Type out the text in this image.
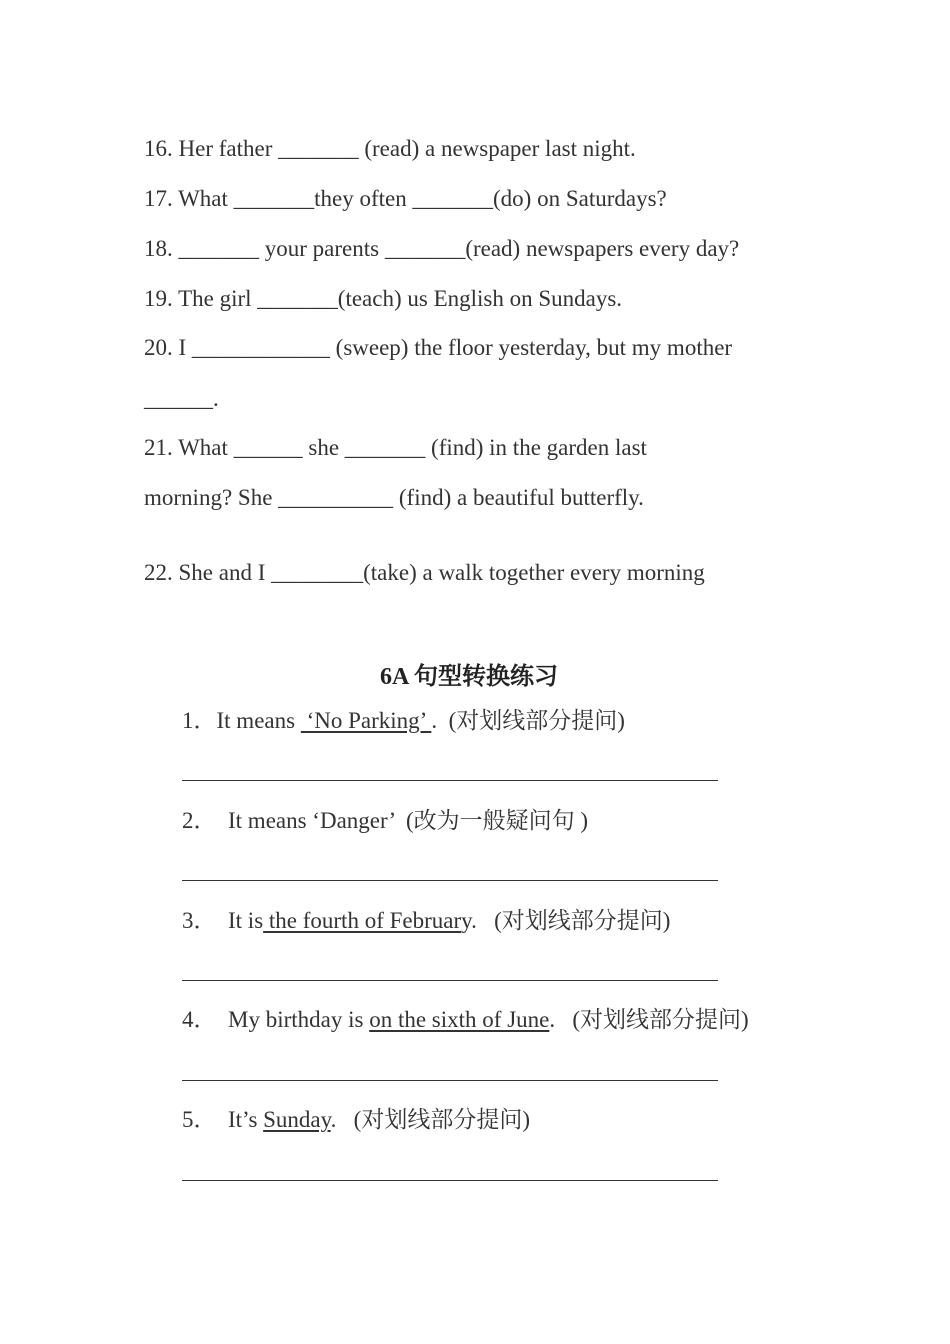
16. Her father _______ (read) a newspaper last night.
17. What _______they often _______(do) on Saturdays?
18. _______ your parents _______(read) newspapers every day?
19. The girl _______(teach) us English on Sundays.
20. I ____________ (sweep) the floor yesterday, but my mother
______.
21. What ______ she _______ (find) in the garden last
morning? She __________ (find) a beautiful butterfly.
22. She and I ________(take) a walk together every morning
6A 句型转换练习
1．It means  ‘No Parking’ .  (对划线部分提问)
2．  It means ‘Danger’  (改为一般疑问句 )
3．  It is the fourth of February.   (对划线部分提问)
4．  My birthday is on the sixth of June.   (对划线部分提问)
5．  It’s Sunday.   (对划线部分提问)
